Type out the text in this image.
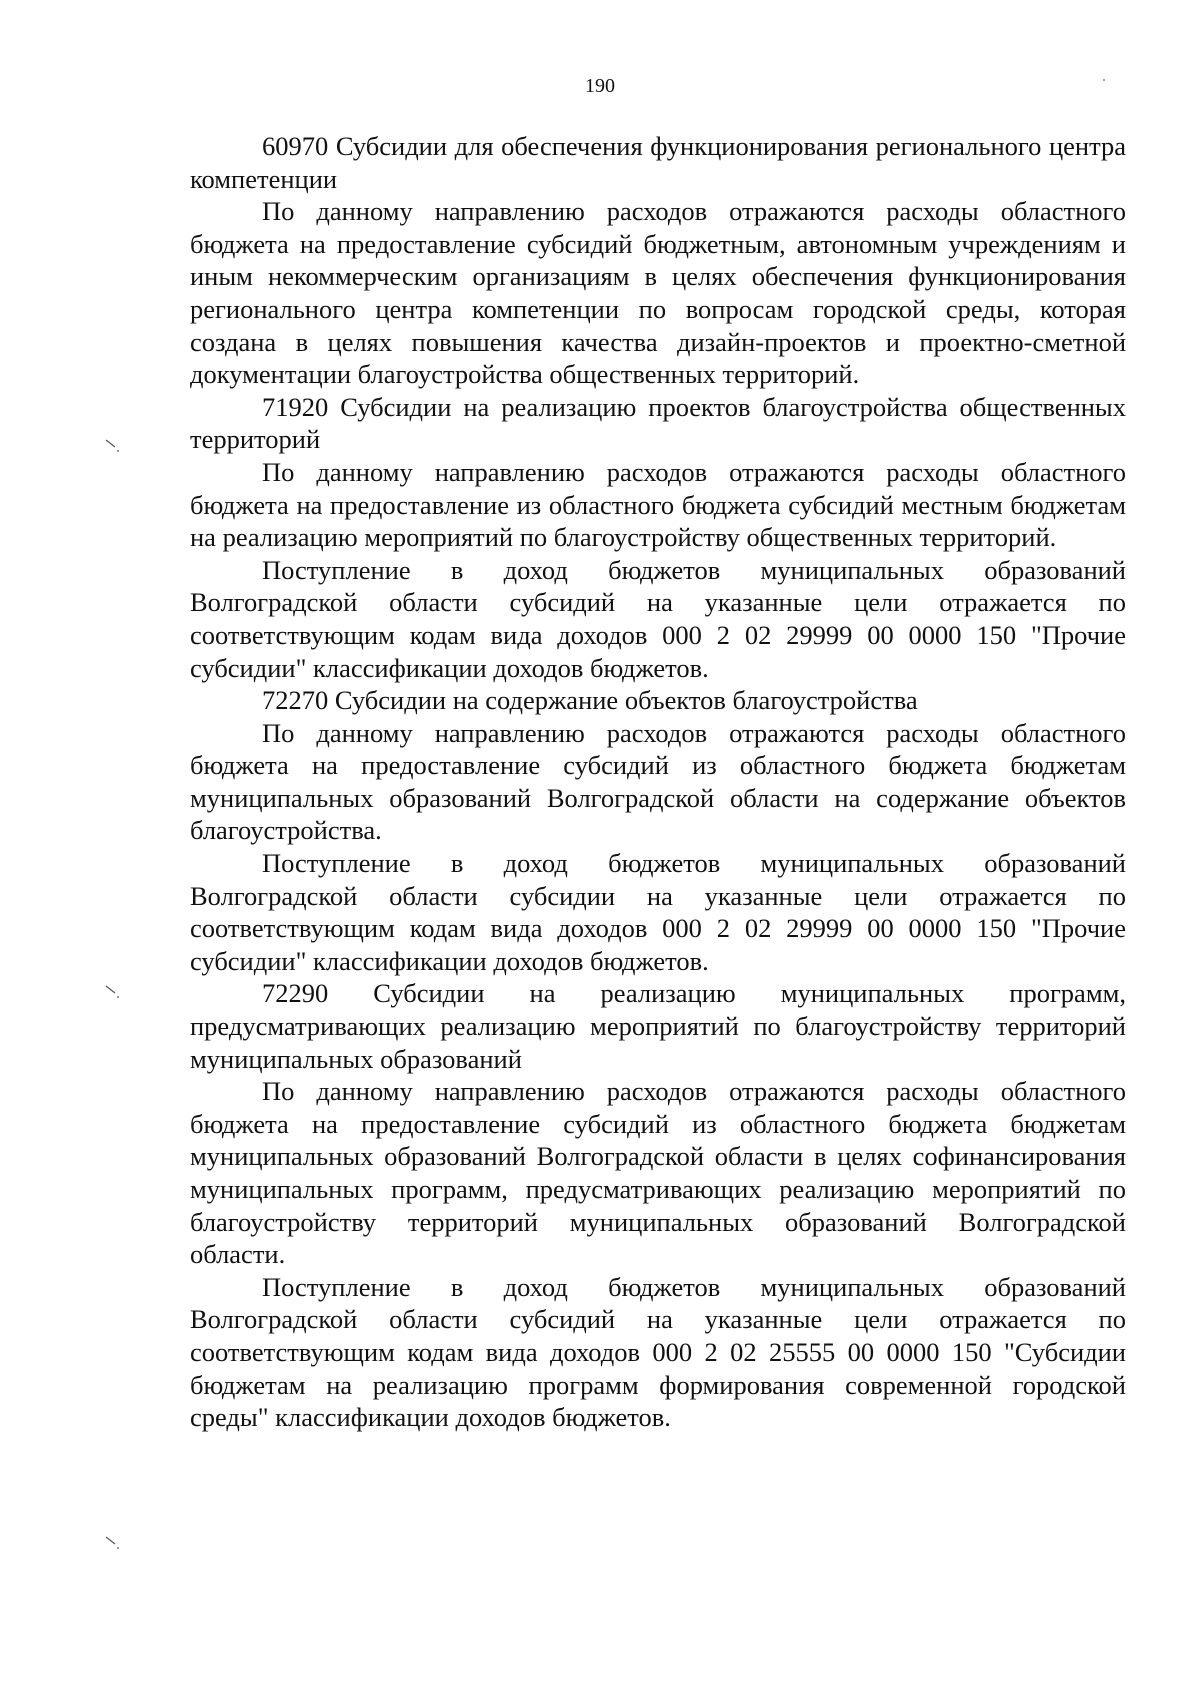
190

60970 Субсидии для обеспечения функционирования регионального центра компетенции

По данному направлению расходов отражаются расходы областного бюджета на предоставление субсидий бюджетным, автономным учреждениям и иным некоммерческим организациям в целях обеспечения функционирования регионального центра компетенции по вопросам городской среды, которая создана в целях повышения качества дизайн-проектов и проектно-сметной документации благоустройства общественных территорий.

71920 Субсидии на реализацию проектов благоустройства общественных территорий

По данному направлению расходов отражаются расходы областного бюджета на предоставление из областного бюджета субсидий местным бюджетам на реализацию мероприятий по благоустройству общественных территорий.

Поступление в доход бюджетов муниципальных образований Волгоградской области субсидий на указанные цели отражается по соответствующим кодам вида доходов 000 2 02 29999 00 0000 150 "Прочие субсидии" классификации доходов бюджетов.

72270 Субсидии на содержание объектов благоустройства

По данному направлению расходов отражаются расходы областного бюджета на предоставление субсидий из областного бюджета бюджетам муниципальных образований Волгоградской области на содержание объектов благоустройства.

Поступление в доход бюджетов муниципальных образований Волгоградской области субсидии на указанные цели отражается по соответствующим кодам вида доходов 000 2 02 29999 00 0000 150 "Прочие субсидии" классификации доходов бюджетов.

72290 Субсидии на реализацию муниципальных программ, предусматривающих реализацию мероприятий по благоустройству территорий муниципальных образований

По данному направлению расходов отражаются расходы областного бюджета на предоставление субсидий из областного бюджета бюджетам муниципальных образований Волгоградской области в целях софинансирования муниципальных программ, предусматривающих реализацию мероприятий по благоустройству территорий муниципальных образований Волгоградской области.

Поступление в доход бюджетов муниципальных образований Волгоградской области субсидий на указанные цели отражается по соответствующим кодам вида доходов 000 2 02 25555 00 0000 150 "Субсидии бюджетам на реализацию программ формирования современной городской среды" классификации доходов бюджетов.
